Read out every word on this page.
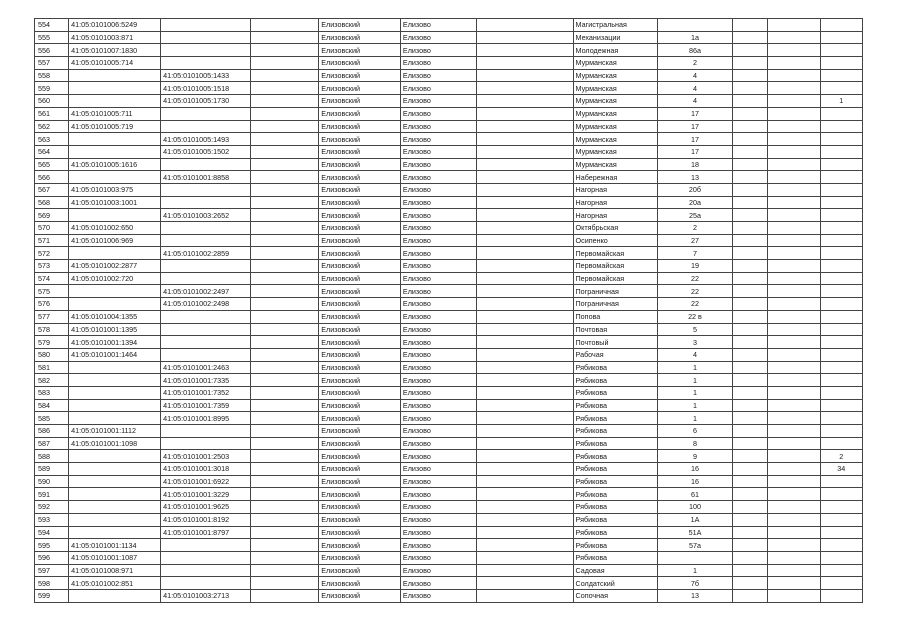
554	41:05:0101006:5249			Елизовский	Елизово		Магистральная				
555	41:05:0101003:871			Елизовский	Елизово		Механизации	1а			
556	41:05:0101007:1830			Елизовский	Елизово		Молодежная	86а			
557	41:05:0101005:714			Елизовский	Елизово		Мурманская	2			
558		41:05:0101005:1433		Елизовский	Елизово		Мурманская	4			
559		41:05:0101005:1518		Елизовский	Елизово		Мурманская	4			
560		41:05:0101005:1730		Елизовский	Елизово		Мурманская	4			1
561	41:05:0101005:711			Елизовский	Елизово		Мурманская	17			
562	41:05:0101005:719			Елизовский	Елизово		Мурманская	17			
563		41:05:0101005:1493		Елизовский	Елизово		Мурманская	17			
564		41:05:0101005:1502		Елизовский	Елизово		Мурманская	17			
565	41:05:0101005:1616			Елизовский	Елизово		Мурманская	18			
566		41:05:0101001:8858		Елизовский	Елизово		Набережная	13			
567	41:05:0101003:975			Елизовский	Елизово		Нагорная	20б			
568	41:05:0101003:1001			Елизовский	Елизово		Нагорная	20а			
569		41:05:0101003:2652		Елизовский	Елизово		Нагорная	25а			
570	41:05:0101002:650			Елизовский	Елизово		Октябрьская	2			
571	41:05:0101006:969			Елизовский	Елизово		Осипенко	27			
572		41:05:0101002:2859		Елизовский	Елизово		Первомайская	7			
573	41:05:0101002:2877			Елизовский	Елизово		Первомайская	19			
574	41:05:0101002:720			Елизовский	Елизово		Первомайская	22			
575		41:05:0101002:2497		Елизовский	Елизово		Пограничная	22			
576		41:05:0101002:2498		Елизовский	Елизово		Пограничная	22			
577	41:05:0101004:1355			Елизовский	Елизово		Попова	22 в			
578	41:05:0101001:1395			Елизовский	Елизово		Почтовая	5			
579	41:05:0101001:1394			Елизовский	Елизово		Почтовый	3			
580	41:05:0101001:1464			Елизовский	Елизово		Рабочая	4			
581		41:05:0101001:2463		Елизовский	Елизово		Рябикова	1			
582		41:05:0101001:7335		Елизовский	Елизово		Рябикова	1			
583		41:05:0101001:7352		Елизовский	Елизово		Рябикова	1			
584		41:05:0101001:7359		Елизовский	Елизово		Рябикова	1			
585		41:05:0101001:8995		Елизовский	Елизово		Рябикова	1			
586	41:05:0101001:1112			Елизовский	Елизово		Рябикова	6			
587	41:05:0101001:1098			Елизовский	Елизово		Рябикова	8			
588		41:05:0101001:2503		Елизовский	Елизово		Рябикова	9			2
589		41:05:0101001:3018		Елизовский	Елизово		Рябикова	16			34
590		41:05:0101001:6922		Елизовский	Елизово		Рябикова	16			
591		41:05:0101001:3229		Елизовский	Елизово		Рябикова	61			
592		41:05:0101001:9625		Елизовский	Елизово		Рябикова	100			
593		41:05:0101001:8192		Елизовский	Елизово		Рябикова	1А			
594		41:05:0101001:8797		Елизовский	Елизово		Рябикова	51А			
595	41:05:0101001:1134			Елизовский	Елизово		Рябикова	57а			
596	41:05:0101001:1087			Елизовский	Елизово		Рябикова				
597	41:05:0101008:971			Елизовский	Елизово		Садовая	1			
598	41:05:0101002:851			Елизовский	Елизово		Солдатский	7б			
599		41:05:0101003:2713		Елизовский	Елизово		Сопочная	13			
